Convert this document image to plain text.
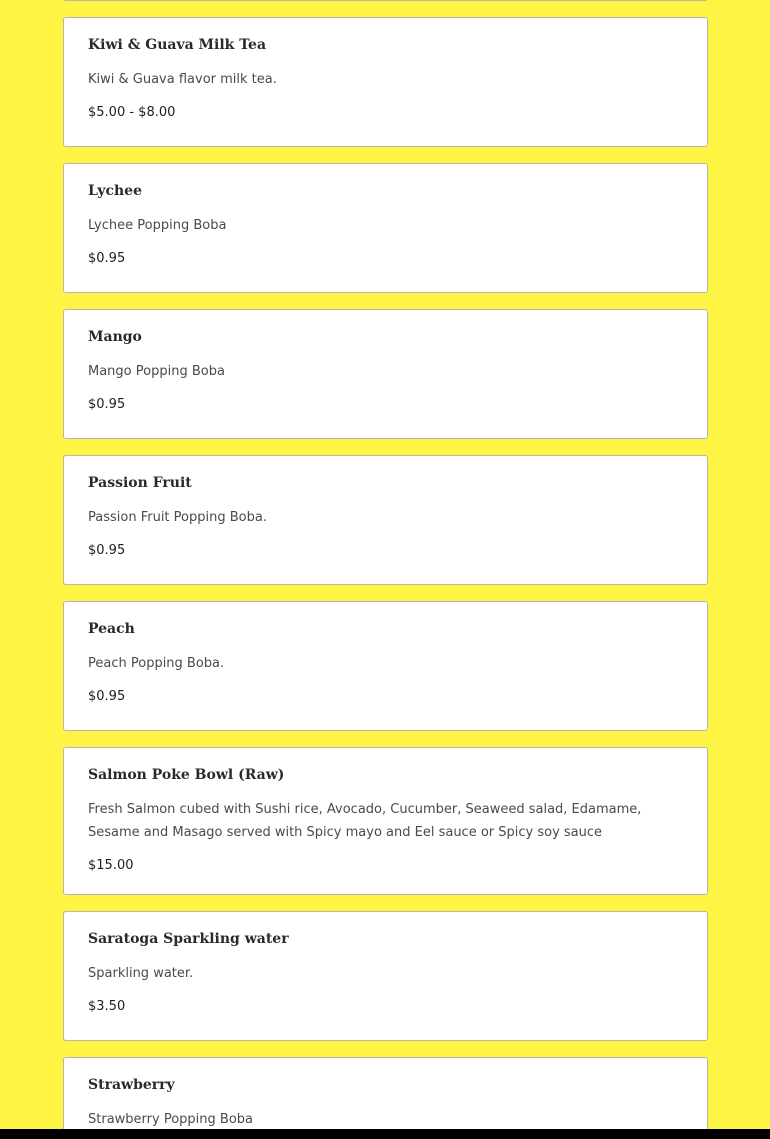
Kiwi & Guava Milk Tea
Kiwi & Guava flavor milk tea.
$5.00 - $8.00
Lychee
Lychee Popping Boba
$0.95
Mango
Mango Popping Boba
$0.95
Passion Fruit
Passion Fruit Popping Boba.
$0.95
Peach
Peach Popping Boba.
$0.95
Salmon Poke Bowl (Raw)
Fresh Salmon cubed with Sushi rice, Avocado, Cucumber, Seaweed salad, Edamame, Sesame and Masago served with Spicy mayo and Eel sauce or Spicy soy sauce
$15.00
Saratoga Sparkling water
Sparkling water.
$3.50
Strawberry
Strawberry Popping Boba
